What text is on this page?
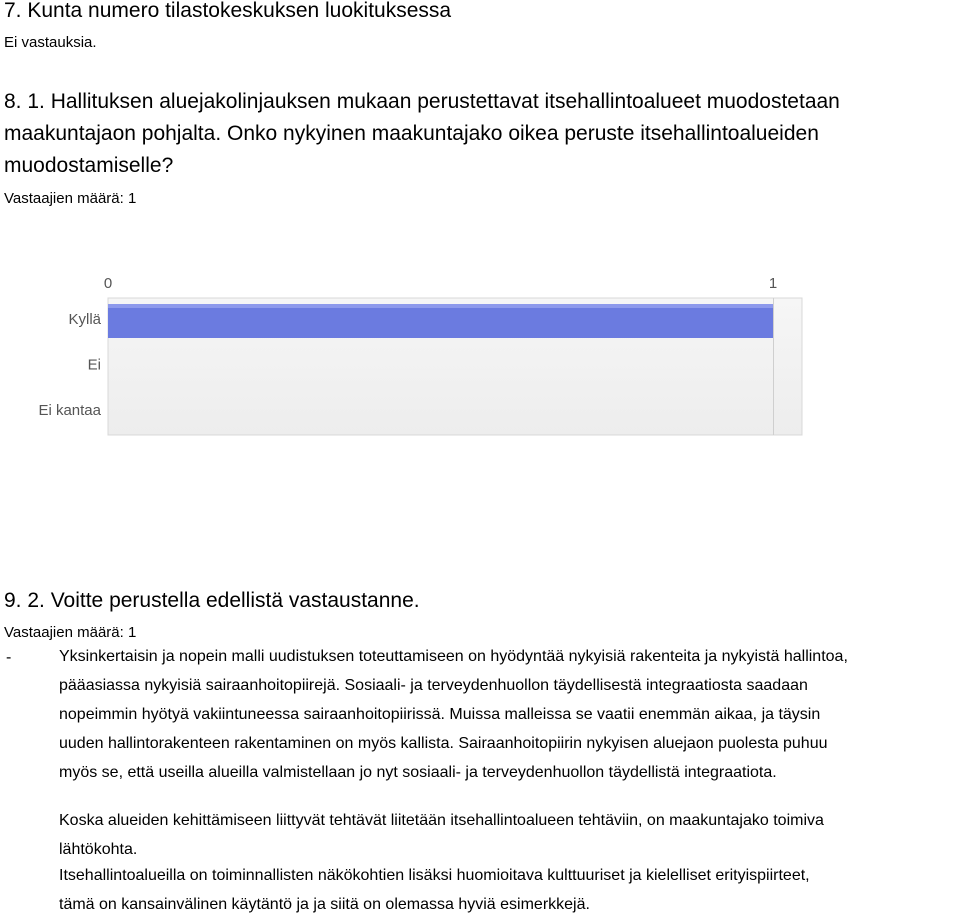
7. Kunta numero tilastokeskuksen luokituksessa
Ei vastauksia.
8. 1. Hallituksen aluejakolinjauksen mukaan perustettavat itsehallintoalueet muodostetaan
maakuntajaon pohjalta. Onko nykyinen maakuntajako oikea peruste itsehallintoalueiden
muodostamiselle?
Vastaajien määrä: 1
0	1
Kyllä
Ei
Ei kantaa
9. 2. Voitte perustella edellistä vastaustanne.
Vastaajien määrä: 1
-	Yksinkertaisin ja nopein malli uudistuksen toteuttamiseen on hyödyntää nykyisiä rakenteita ja nykyistä hallintoa,

pääasiassa nykyisiä sairaanhoitopiirejä. Sosiaali- ja terveydenhuollon täydellisestä integraatiosta saadaan

nopeimmin hyötyä vakiintuneessa sairaanhoitopiirissä. Muissa malleissa se vaatii enemmän aikaa, ja täysin

uuden hallintorakenteen rakentaminen on myös kallista. Sairaanhoitopiirin nykyisen aluejaon puolesta puhuu

myös se, että useilla alueilla valmistellaan jo nyt sosiaali- ja terveydenhuollon täydellistä integraatiota.

Koska alueiden kehittämiseen liittyvät tehtävät liitetään itsehallintoalueen tehtäviin, on maakuntajako toimiva

lähtökohta.

Itsehallintoalueilla on toiminnallisten näkökohtien lisäksi huomioitava kulttuuriset ja kielelliset erityispiirteet,

tämä on kansainvälinen käytäntö ja ja siitä on olemassa hyviä esimerkkejä.
